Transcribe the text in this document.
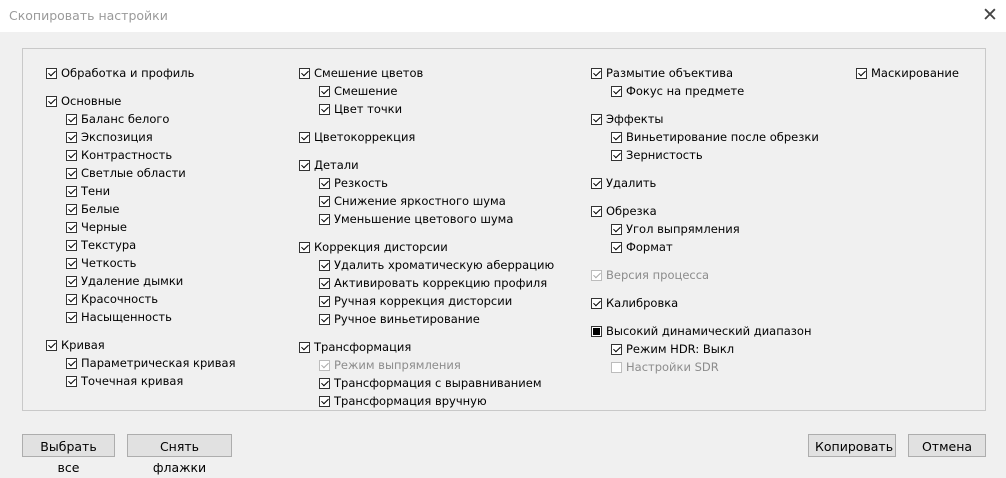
Скопировать настройки	✕
Обработка и профиль
Основные
Баланс белого
Экспозиция
Контрастность
Светлые области
Тени
Белые
Черные
Текстура
Четкость
Удаление дымки
Красочность
Насыщенность
Кривая
Параметрическая кривая
Точечная кривая
Смешение цветов
Смешение
Цвет точки
Цветокоррекция
Детали
Резкость
Снижение яркостного шума
Уменьшение цветового шума
Коррекция дисторсии
Удалить хроматическую аберрацию
Активировать коррекцию профиля
Ручная коррекция дисторсии
Ручное виньетирование
Трансформация
Режим выпрямления
Трансформация с выравниванием
Трансформация вручную
Размытие объектива
Фокус на предмете
Эффекты
Виньетирование после обрезки
Зернистость
Удалить
Обрезка
Угол выпрямления
Формат
Версия процесса
Калибровка
Высокий динамический диапазон
Режим HDR: Выкл
Настройки SDR
Маскирование
Выбрать все
Снять флажки
Копировать	Отмена
